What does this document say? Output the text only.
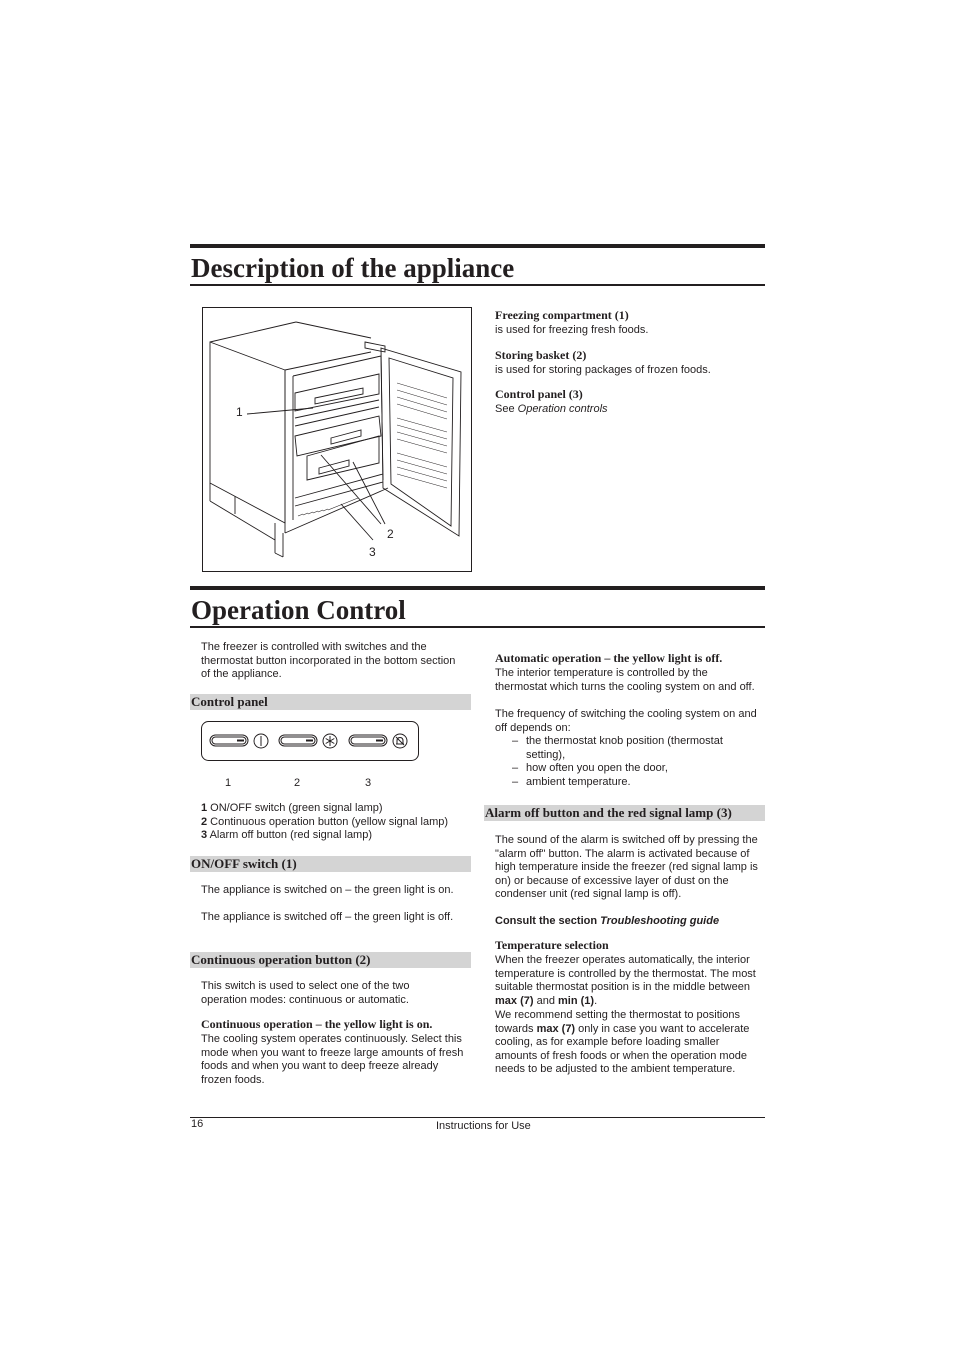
Description of the appliance
1
2
3
Freezing compartment (1)
is used for freezing fresh foods.
Storing basket (2)
is used for storing packages of frozen foods.
Control panel (3)
See Operation controls
Operation Control
The freezer is controlled with switches and the thermostat button incorporated in the bottom section of the appliance.
Control panel
1	2	3
1 ON/OFF switch (green signal lamp)
2 Continuous operation button (yellow signal lamp)
3 Alarm off button (red signal lamp)
ON/OFF switch (1)
The appliance is switched on – the green light is on.
The appliance is switched off – the green light is off.
Continuous operation button (2)
This switch is used to select one of the two operation modes: continuous or automatic.
Continuous operation – the yellow light is on.
The cooling system operates continuously. Select this mode when you want to freeze large amounts of fresh foods and when you want to deep freeze already frozen foods.
Automatic operation – the yellow light is off.
The interior temperature is controlled by the thermostat which turns the cooling system on and off.
The frequency of switching the cooling system on and off depends on:
– the thermostat knob position (thermostat setting),
– how often you open the door,
– ambient temperature.
Alarm off button and the red signal lamp (3)
The sound of the alarm is switched off by pressing the "alarm off" button. The alarm is activated because of high temperature inside the freezer (red signal lamp is on) or because of excessive layer of dust on the condenser unit (red signal lamp is off).
Consult the section Troubleshooting guide
Temperature selection
When the freezer operates automatically, the interior temperature is controlled by the thermostat. The most suitable thermostat position is in the middle between max (7) and min (1).
We recommend setting the thermostat to positions towards max (7) only in case you want to accelerate cooling, as for example before loading smaller amounts of fresh foods or when the operation mode needs to be adjusted to the ambient temperature.
16	Instructions for Use
